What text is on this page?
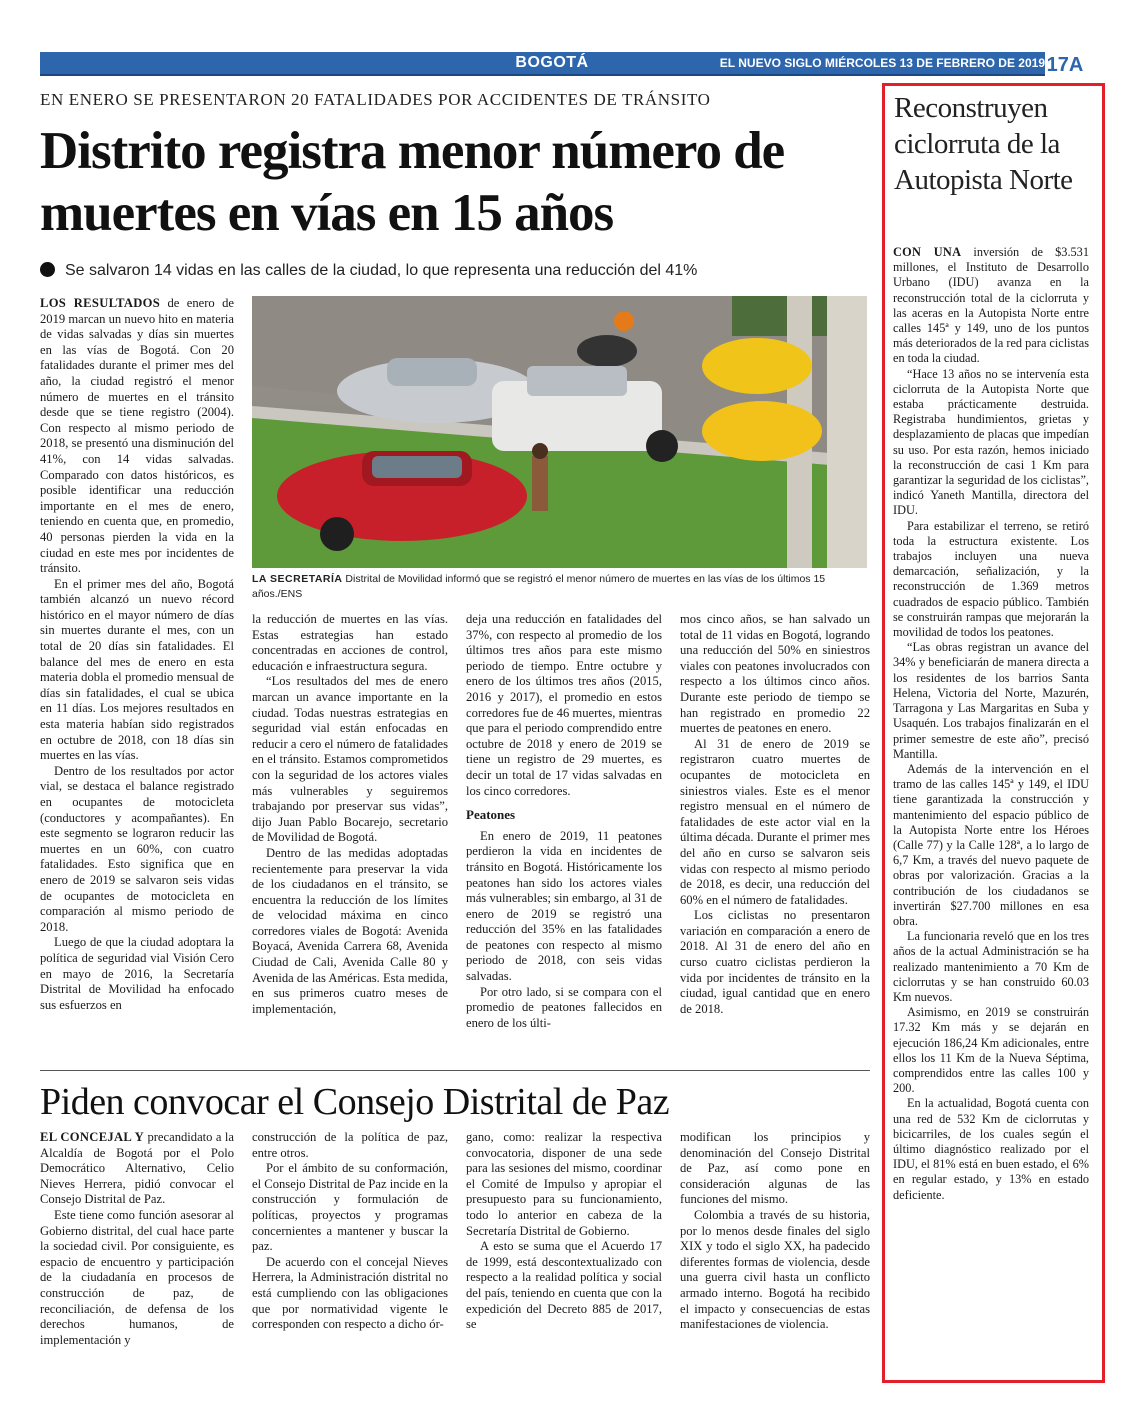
BOGOTÁ	EL NUEVO SIGLO MIÉRCOLES 13 DE FEBRERO DE 2019 17A
EN ENERO SE PRESENTARON 20 FATALIDADES POR ACCIDENTES DE TRÁNSITO
Distrito registra menor número de muertes en vías en 15 años
Se salvaron 14 vidas en las calles de la ciudad, lo que representa una reducción del 41%

LOS RESULTADOS de enero de 2019 marcan un nuevo hito en materia de vidas salvadas y días sin muertes en las vías de Bogotá. Con 20 fatalidades durante el primer mes del año, la ciudad registró el menor número de muertes en el tránsito desde que se tiene registro (2004). Con respecto al mismo periodo de 2018, se presentó una disminución del 41%, con 14 vidas salvadas. Comparado con datos históricos, es posible identificar una reducción importante en el mes de enero, teniendo en cuenta que, en promedio, 40 personas pierden la vida en la ciudad en este mes por incidentes de tránsito.

En el primer mes del año, Bogotá también alcanzó un nuevo récord histórico en el mayor número de días sin muertes durante el mes, con un total de 20 días sin fatalidades. El balance del mes de enero en esta materia dobla el promedio mensual de días sin fatalidades, el cual se ubica en 11 días. Los mejores resultados en esta materia habían sido registrados en octubre de 2018, con 18 días sin muertes en las vías.

Dentro de los resultados por actor vial, se destaca el balance registrado en ocupantes de motocicleta (conductores y acompañantes). En este segmento se lograron reducir las muertes en un 60%, con cuatro fatalidades. Esto significa que en enero de 2019 se salvaron seis vidas de ocupantes de motocicleta en comparación al mismo periodo de 2018.

Luego de que la ciudad adoptara la política de seguridad vial Visión Cero en mayo de 2016, la Secretaría Distrital de Movilidad ha enfocado sus esfuerzos en

LA SECRETARÍA Distrital de Movilidad informó que se registró el menor número de muertes en las vías de los últimos 15 años./ENS

la reducción de muertes en las vías. Estas estrategias han estado concentradas en acciones de control, educación e infraestructura segura.

“Los resultados del mes de enero marcan un avance importante en la ciudad. Todas nuestras estrategias en seguridad vial están enfocadas en reducir a cero el número de fatalidades en el tránsito. Estamos comprometidos con la seguridad de los actores viales más vulnerables y seguiremos trabajando por preservar sus vidas”, dijo Juan Pablo Bocarejo, secretario de Movilidad de Bogotá.

Dentro de las medidas adoptadas recientemente para preservar la vida de los ciudadanos en el tránsito, se encuentra la reducción de los límites de velocidad máxima en cinco corredores viales de Bogotá: Avenida Boyacá, Avenida Carrera 68, Avenida Ciudad de Cali, Avenida Calle 80 y Avenida de las Américas. Esta medida, en sus primeros cuatro meses de implementación,

deja una reducción en fatalidades del 37%, con respecto al promedio de los últimos tres años para este mismo periodo de tiempo. Entre octubre y enero de los últimos tres años (2015, 2016 y 2017), el promedio en estos corredores fue de 46 muertes, mientras que para el periodo comprendido entre octubre de 2018 y enero de 2019 se tiene un registro de 29 muertes, es decir un total de 17 vidas salvadas en los cinco corredores.

Peatones

En enero de 2019, 11 peatones perdieron la vida en incidentes de tránsito en Bogotá. Históricamente los peatones han sido los actores viales más vulnerables; sin embargo, al 31 de enero de 2019 se registró una reducción del 35% en las fatalidades de peatones con respecto al mismo periodo de 2018, con seis vidas salvadas.

Por otro lado, si se compara con el promedio de peatones fallecidos en enero de los últi-

mos cinco años, se han salvado un total de 11 vidas en Bogotá, logrando una reducción del 50% en siniestros viales con peatones involucrados con respecto a los últimos cinco años. Durante este periodo de tiempo se han registrado en promedio 22 muertes de peatones en enero.

Al 31 de enero de 2019 se registraron cuatro muertes de ocupantes de motocicleta en siniestros viales. Este es el menor registro mensual en el número de fatalidades de este actor vial en la última década. Durante el primer mes del año en curso se salvaron seis vidas con respecto al mismo periodo de 2018, es decir, una reducción del 60% en el número de fatalidades.

Los ciclistas no presentaron variación en comparación a enero de 2018. Al 31 de enero del año en curso cuatro ciclistas perdieron la vida por incidentes de tránsito en la ciudad, igual cantidad que en enero de 2018.

Piden convocar el Consejo Distrital de Paz

EL CONCEJAL Y precandidato a la Alcaldía de Bogotá por el Polo Democrático Alternativo, Celio Nieves Herrera, pidió convocar el Consejo Distrital de Paz.

Este tiene como función asesorar al Gobierno distrital, del cual hace parte la sociedad civil. Por consiguiente, es espacio de encuentro y participación de la ciudadanía en procesos de construcción de paz, de reconciliación, de defensa de los derechos humanos, de implementación y

construcción de la política de paz, entre otros.

Por el ámbito de su conformación, el Consejo Distrital de Paz incide en la construcción y formulación de políticas, proyectos y programas concernientes a mantener y buscar la paz.

De acuerdo con el concejal Nieves Herrera, la Administración distrital no está cumpliendo con las obligaciones que por normatividad vigente le corresponden con respecto a dicho ór-

gano, como: realizar la respectiva convocatoria, disponer de una sede para las sesiones del mismo, coordinar el Comité de Impulso y apropiar el presupuesto para su funcionamiento, todo lo anterior en cabeza de la Secretaría Distrital de Gobierno.

A esto se suma que el Acuerdo 17 de 1999, está descontextualizado con respecto a la realidad política y social del país, teniendo en cuenta que con la expedición del Decreto 885 de 2017, se

modifican los principios y denominación del Consejo Distrital de Paz, así como pone en consideración algunas de las funciones del mismo.

Colombia a través de su historia, por lo menos desde finales del siglo XIX y todo el siglo XX, ha padecido diferentes formas de violencia, desde una guerra civil hasta un conflicto armado interno. Bogotá ha recibido el impacto y consecuencias de estas manifestaciones de violencia.

Reconstruyen ciclorruta de la Autopista Norte

CON UNA inversión de $3.531 millones, el Instituto de Desarrollo Urbano (IDU) avanza en la reconstrucción total de la ciclorruta y las aceras en la Autopista Norte entre calles 145ª y 149, uno de los puntos más deteriorados de la red para ciclistas en toda la ciudad.

“Hace 13 años no se intervenía esta ciclorruta de la Autopista Norte que estaba prácticamente destruida. Registraba hundimientos, grietas y desplazamiento de placas que impedían su uso. Por esta razón, hemos iniciado la reconstrucción de casi 1 Km para garantizar la seguridad de los ciclistas”, indicó Yaneth Mantilla, directora del IDU.

Para estabilizar el terreno, se retiró toda la estructura existente. Los trabajos incluyen una nueva demarcación, señalización, y la reconstrucción de 1.369 metros cuadrados de espacio público. También se construirán rampas que mejorarán la movilidad de todos los peatones.

“Las obras registran un avance del 34% y beneficiarán de manera directa a los residentes de los barrios Santa Helena, Victoria del Norte, Mazurén, Tarragona y Las Margaritas en Suba y Usaquén. Los trabajos finalizarán en el primer semestre de este año”, precisó Mantilla.

Además de la intervención en el tramo de las calles 145ª y 149, el IDU tiene garantizada la construcción y mantenimiento del espacio público de la Autopista Norte entre los Héroes (Calle 77) y la Calle 128ª, a lo largo de 6,7 Km, a través del nuevo paquete de obras por valorización. Gracias a la contribución de los ciudadanos se invertirán $27.700 millones en esa obra.

La funcionaria reveló que en los tres años de la actual Administración se ha realizado mantenimiento a 70 Km de ciclorrutas y se han construido 60.03 Km nuevos.

Asimismo, en 2019 se construirán 17.32 Km más y se dejarán en ejecución 186,24 Km adicionales, entre ellos los 11 Km de la Nueva Séptima, comprendidos entre las calles 100 y 200.

En la actualidad, Bogotá cuenta con una red de 532 Km de ciclorrutas y bicicarriles, de los cuales según el último diagnóstico realizado por el IDU, el 81% está en buen estado, el 6% en regular estado, y 13% en estado deficiente.
